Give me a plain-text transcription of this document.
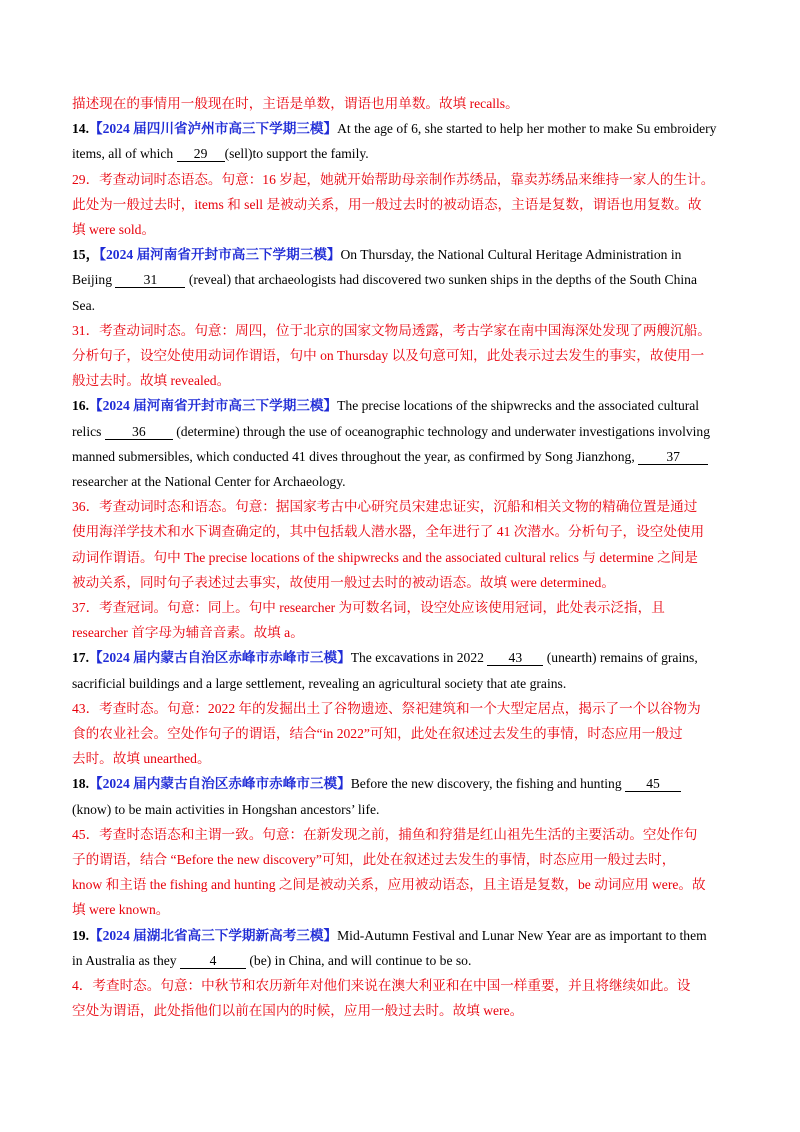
描述现在的事情用一般现在时，主语是单数，谓语也用单数。故填 recalls。
14.【2024 届四川省泸州市高三下学期三模】At the age of 6, she started to help her mother to make Su embroidery
items, all of which 29 (sell)to support the family.
29．考查动词时态语态。句意：16 岁起，她就开始帮助母亲制作苏绣品，靠卖苏绣品来维持一家人的生计。
此处为一般过去时，items 和 sell 是被动关系，用一般过去时的被动语态，主语是复数，谓语也用复数。故
填 were sold。
15，【2024 届河南省开封市高三下学期三模】On Thursday, the National Cultural Heritage Administration in
Beijing 31 (reveal) that archaeologists had discovered two sunken ships in the depths of the South China
Sea.
31．考查动词时态。句意：周四，位于北京的国家文物局透露，考古学家在南中国海深处发现了两艘沉船。
分析句子，设空处使用动词作谓语，句中 on Thursday 以及句意可知，此处表示过去发生的事实，故使用一
般过去时。故填 revealed。
16.【2024 届河南省开封市高三下学期三模】The precise locations of the shipwrecks and the associated cultural
relics 36 (determine) through the use of oceanographic technology and underwater investigations involving
manned submersibles, which conducted 41 dives throughout the year, as confirmed by Song Jianzhong, 37
researcher at the National Center for Archaeology.
36．考查动词时态和语态。句意：据国家考古中心研究员宋建忠证实，沉船和相关文物的精确位置是通过
使用海洋学技术和水下调查确定的，其中包括载人潜水器，全年进行了 41 次潜水。分析句子，设空处使用
动词作谓语。句中 The precise locations of the shipwrecks and the associated cultural relics 与 determine 之间是
被动关系，同时句子表述过去事实，故使用一般过去时的被动语态。故填 were determined。
37．考查冠词。句意：同上。句中 researcher 为可数名词，设空处应该使用冠词，此处表示泛指，且
researcher 首字母为辅音音素。故填 a。
17.【2024 届内蒙古自治区赤峰市赤峰市三模】The excavations in 2022 43 (unearth) remains of grains,
sacrificial buildings and a large settlement, revealing an agricultural society that ate grains.
43．考查时态。句意：2022 年的发掘出土了谷物遗迹、祭祀建筑和一个大型定居点，揭示了一个以谷物为
食的农业社会。空处作句子的谓语，结合“in 2022”可知，此处在叙述过去发生的事情，时态应用一般过
去时。故填 unearthed。
18.【2024 届内蒙古自治区赤峰市赤峰市三模】Before the new discovery, the fishing and hunting 45
(know) to be main activities in Hongshan ancestors’ life.
45．考查时态语态和主谓一致。句意：在新发现之前，捕鱼和狩猎是红山祖先生活的主要活动。空处作句
子的谓语，结合 “Before the new discovery”可知，此处在叙述过去发生的事情，时态应用一般过去时，
know 和主语 the fishing and hunting 之间是被动关系，应用被动语态，且主语是复数，be 动词应用 were。故
填 were known。
19.【2024 届湖北省高三下学期新高考三模】Mid-Autumn Festival and Lunar New Year are as important to them
in Australia as they 4 (be) in China, and will continue to be so.
4．考查时态。句意：中秋节和农历新年对他们来说在澳大利亚和在中国一样重要，并且将继续如此。设
空处为谓语，此处指他们以前在国内的时候，应用一般过去时。故填 were。
